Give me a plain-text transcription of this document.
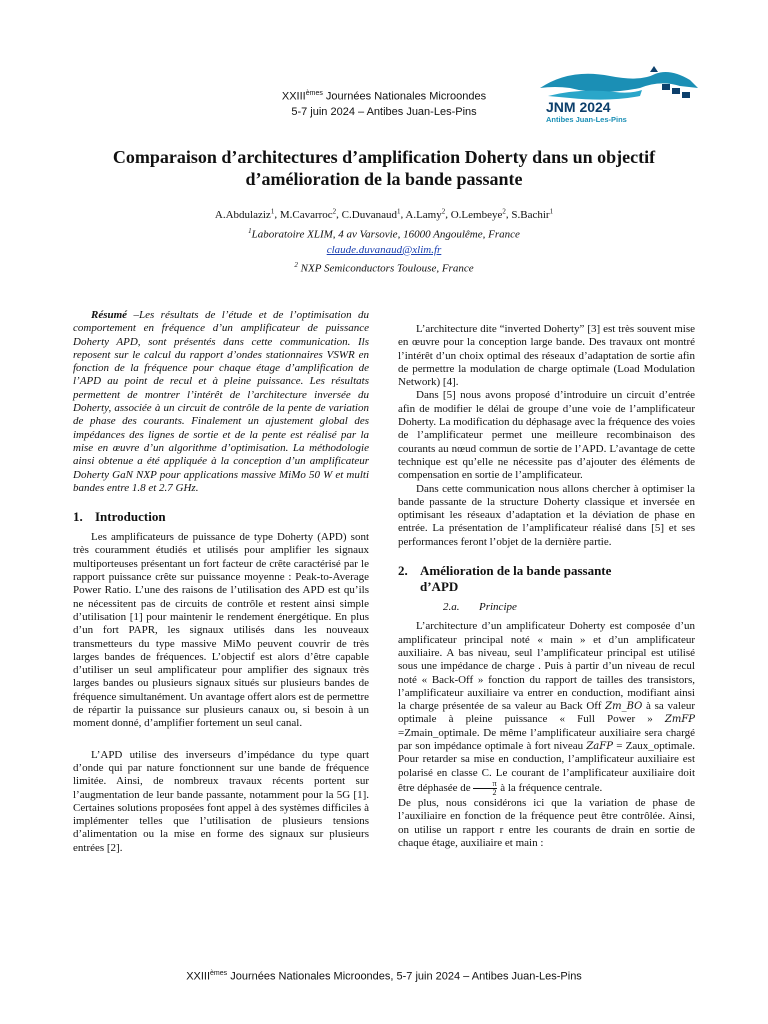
XXIIIèmes Journées Nationales Microondes
5-7 juin 2024 – Antibes Juan-Les-Pins	JNM 2024
Antibes Juan-Les-Pins
Comparaison d’architectures d’amplification Doherty dans un objectif d’amélioration de la bande passante
A.Abdulaziz$^1$, M.Cavarroc$^2$, C.Duvanaud$^1$, A.Lamy$^2$, O.Lembeye$^2$, S.Bachir$^1$
$^1$Laboratoire XLIM, 4 av Varsovie, 16000 Angoulême, France
claude.duvanaud@xlim.fr
$^2$ NXP Semiconductors Toulouse, France

Résumé –Les résultats de l’étude et de l’optimisation du comportement en fréquence d’un amplificateur de puissance Doherty APD, sont présentés dans cette communication. Ils reposent sur le calcul du rapport d’ondes stationnaires VSWR en fonction de la fréquence pour chaque étage d’amplification de l’APD au point de recul et à pleine puissance. Les résultats permettent de montrer l’intérêt de l’architecture inversée du Doherty, associée à un circuit de contrôle de la pente de variation de phase des courants. Finalement un ajustement global des impédances des lignes de sortie et de la pente est réalisé par la mise en œuvre d’un algorithme d’optimisation. La méthodologie ainsi obtenue a été appliquée à la conception d’un amplificateur Doherty GaN NXP pour applications massive MiMo 50 W et multi bandes entre 1.8 et 2.7 GHz.

1. Introduction

Les amplificateurs de puissance de type Doherty (APD) sont très couramment étudiés et utilisés pour amplifier les signaux multiporteuses présentant un fort facteur de crête caractérisé par le rapport puissance crête sur puissance moyenne : Peak-to-Average Power Ratio. L’une des raisons de l’utilisation des APD est qu’ils ne nécessitent pas de circuits de contrôle et restent ainsi simple d’utilisation [1] pour maintenir le rendement énergétique. En plus d’un fort PAPR, les signaux utilisés dans les nouveaux transmetteurs du type massive MiMo peuvent couvrir de très larges bandes de fréquences. L’objectif est alors d’être capable d’utiliser un seul amplificateur pour amplifier des signaux très larges bandes ou plusieurs signaux situés sur plusieurs bandes de fréquence simultanément. Un avantage offert alors est de permettre de répartir la puissance sur plusieurs canaux ou, si besoin à un moment donné, d’amplifier fortement un seul canal.

L’APD utilise des inverseurs d’impédance du type quart d’onde qui par nature fonctionnent sur une bande de fréquence limitée. Ainsi, de nombreux travaux récents portent sur l’augmentation de leur bande passante, notamment pour la 5G [1]. Certaines solutions proposées font appel à des systèmes difficiles à implémenter telles que l’utilisation de plusieurs tensions d’alimentation ou la mise en forme des signaux sur plusieurs entrées [2].

L’architecture dite “inverted Doherty” [3] est très souvent mise en œuvre pour la conception large bande. Des travaux ont montré l’intérêt d’un choix optimal des réseaux d’adaptation de sortie afin de permettre la modulation de charge optimale (Load Modulation Network) [4].

Dans [5] nous avons proposé d’introduire un circuit d’entrée afin de modifier le délai de groupe d’une voie de l’amplificateur Doherty. La modification du déphasage avec la fréquence des voies de l’amplificateur permet une meilleure recombinaison des courants au nœud commun de sortie de l’APD. L’avantage de cette technique est qu’elle ne nécessite pas d’ajouter des éléments de compensation en sortie de l’amplificateur.

Dans cette communication nous allons chercher à optimiser la bande passante de la structure Doherty classique et inversée en optimisant les réseaux d’adaptation et la déviation de phase en entrée. La présentation de l’amplificateur réalisé dans [5] et ses performances feront l’objet de la dernière partie.

2. Amélioration de la bande passante
d’APD
2.a. Principe

L’architecture d’un amplificateur Doherty est composée d’un amplificateur principal noté « main » et d’un amplificateur auxiliaire. A bas niveau, seul l’amplificateur principal est utilisé sous une impédance de charge . Puis à partir d’un niveau de recul noté « Back-Off » fonction du rapport de tailles des transistors, l’amplificateur auxiliaire va entrer en conduction, modifiant ainsi la charge présentée de sa valeur au Back Off Zm_BO à sa valeur optimale à pleine puissance « Full Power » ZmFP =Zmain_optimale. De même l’amplificateur auxiliaire sera chargé par son impédance optimale à fort niveau ZaFP = Zaux_optimale. Pour retarder sa mise en conduction, l’amplificateur auxiliaire est polarisé en classe C. Le courant de l’amplificateur auxiliaire doit être déphasée de $\frac{\pi}{2}$ à la fréquence centrale.

De plus, nous considérons ici que la variation de phase de l’auxiliaire en fonction de la fréquence peut être contrôlée. Ainsi, on utilise un rapport r entre les courants de drain en sortie de chaque étage, auxiliaire et main :

XXIIIèmes Journées Nationales Microondes, 5-7 juin 2024 – Antibes Juan-Les-Pins
